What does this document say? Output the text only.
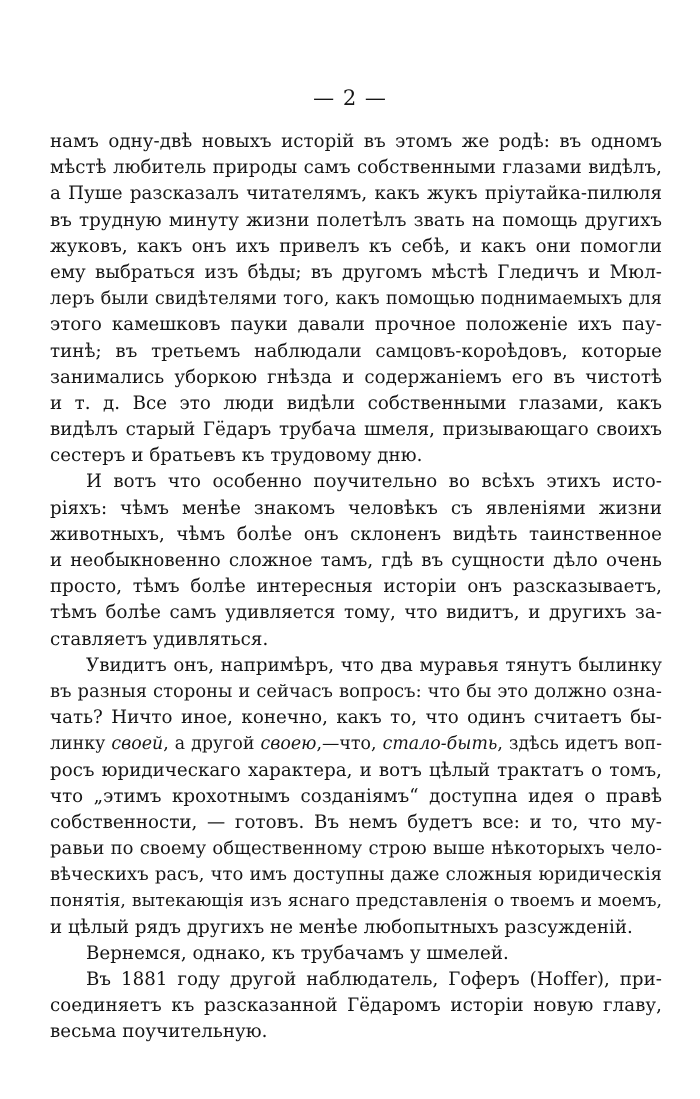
— 2 —
намъ одну-двѣ новыхъ исторій въ этомъ же родѣ: въ одномъ
мѣстѣ любитель природы самъ собственными глазами видѣлъ,
а Пуше разсказалъ читателямъ, какъ жукъ пріутайка-пилюля
въ трудную минуту жизни полетѣлъ звать на помощь другихъ
жуковъ, какъ онъ ихъ привелъ къ себѣ, и какъ они помогли
ему выбраться изъ бѣды; въ другомъ мѣстѣ Гледичъ и Мюл-
леръ были свидѣтелями того, какъ помощью поднимаемыхъ для
этого камешковъ пауки давали прочное положеніе ихъ пау-
тинѣ; въ третьемъ наблюдали самцовъ-короѣдовъ, которые
занимались уборкою гнѣзда и содержаніемъ его въ чистотѣ
и т. д. Все это люди видѣли собственными глазами, какъ
видѣлъ старый Гёдаръ трубача шмеля, призывающаго своихъ
сестеръ и братьевъ къ трудовому дню.
И вотъ что особенно поучительно во всѣхъ этихъ исто-
ріяхъ: чѣмъ менѣе знакомъ человѣкъ съ явленіями жизни
животныхъ, чѣмъ болѣе онъ склоненъ видѣть таинственное
и необыкновенно сложное тамъ, гдѣ въ сущности дѣло очень
просто, тѣмъ болѣе интересныя исторіи онъ разсказываетъ,
тѣмъ болѣе самъ удивляется тому, что видитъ, и другихъ за-
ставляетъ удивляться.
Увидитъ онъ, напримѣръ, что два муравья тянутъ былинку
въ разныя стороны и сейчасъ вопросъ: что бы это должно озна-
чать? Ничто иное, конечно, какъ то, что одинъ считаетъ бы-
линку своей, а другой своею,—что, стало-быть, здѣсь идетъ воп-
росъ юридическаго характера, и вотъ цѣлый трактатъ о томъ,
что „этимъ крохотнымъ созданіямъ“ доступна идея о правѣ
собственности, — готовъ. Въ немъ будетъ все: и то, что му-
равьи по своему общественному строю выше нѣкоторыхъ чело-
вѣческихъ расъ, что имъ доступны даже сложныя юридическія
понятія, вытекающія изъ яснаго представленія о твоемъ и моемъ,
и цѣлый рядъ другихъ не менѣе любопытныхъ разсужденій.
Вернемся, однако, къ трубачамъ у шмелей.
Въ 1881 году другой наблюдатель, Гоферъ (Hoffer), при-
соединяетъ къ разсказанной Гёдаромъ исторіи новую главу,
весьма поучительную.
